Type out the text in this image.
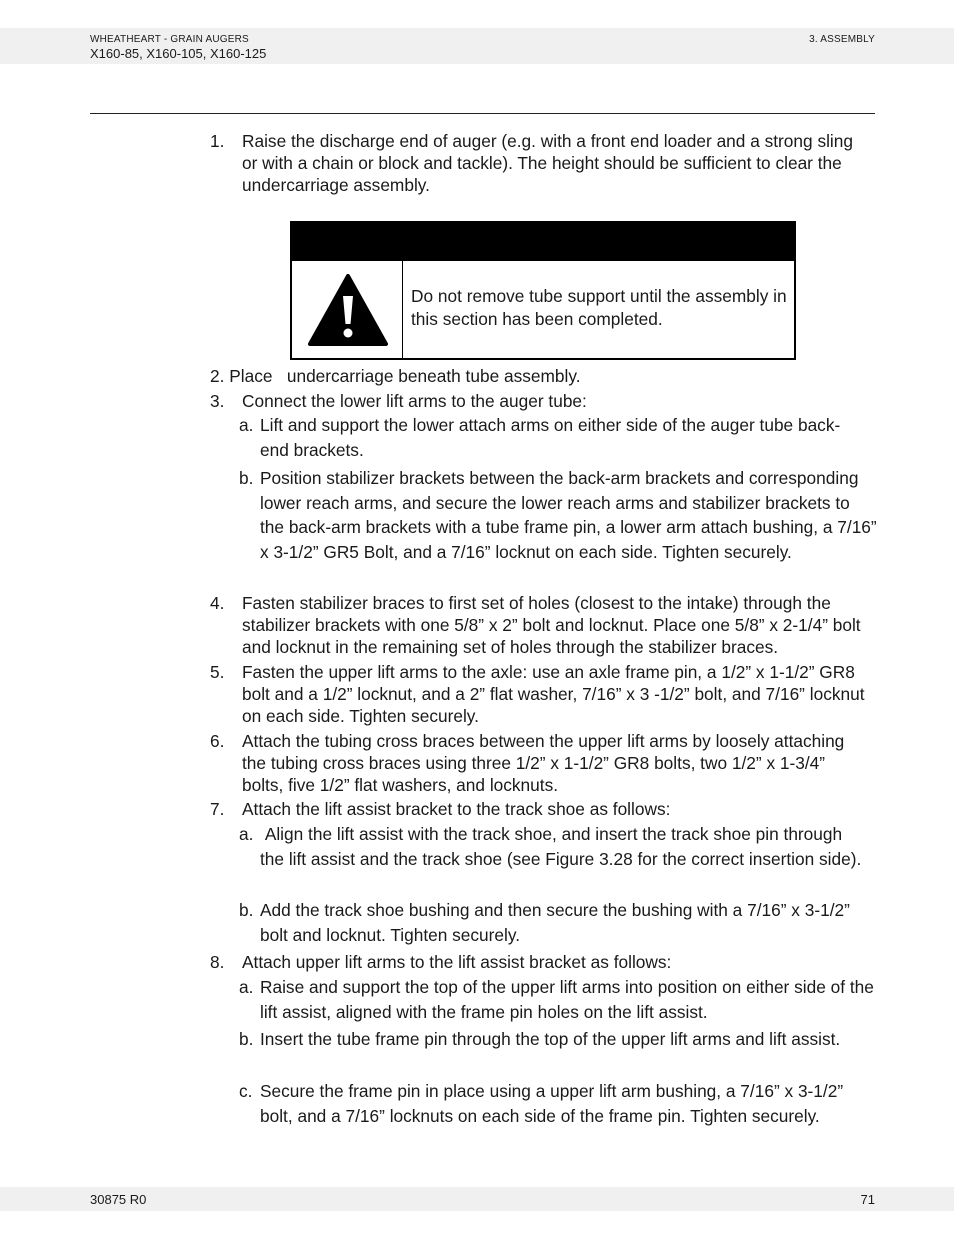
WHEATHEART - GRAIN AUGERS
X160-85, X160-105, X160-125
3. ASSEMBLY
1. Raise the discharge end of auger (e.g. with a front end loader and a strong sling or with a chain or block and tackle). The height should be sufficient to clear the undercarriage assembly.
Do not remove tube support until the assembly in this section has been completed.
2. Place   undercarriage beneath tube assembly.
3. Connect the lower lift arms to the auger tube:
a. Lift and support the lower attach arms on either side of the auger tube back-end brackets.
b. Position stabilizer brackets between the back-arm brackets and corresponding lower reach arms, and secure the lower reach arms and stabilizer brackets to the back-arm brackets with a tube frame pin, a lower arm attach bushing, a 7/16” x 3-1/2” GR5 Bolt, and a 7/16” locknut on each side. Tighten securely.
4. Fasten stabilizer braces to first set of holes (closest to the intake) through the stabilizer brackets with one 5/8” x 2” bolt and locknut. Place one 5/8” x 2-1/4” bolt and locknut in the remaining set of holes through the stabilizer braces.
5. Fasten the upper lift arms to the axle: use an axle frame pin, a 1/2” x 1-1/2” GR8 bolt and a 1/2” locknut, and a 2” flat washer, 7/16” x 3 -1/2” bolt, and 7/16” locknut on each side. Tighten securely.
6. Attach the tubing cross braces between the upper lift arms by loosely attaching the tubing cross braces using three 1/2” x 1-1/2” GR8 bolts, two 1/2” x 1-3/4” bolts, five 1/2” flat washers, and locknuts.
7. Attach the lift assist bracket to the track shoe as follows:
a. Align the lift assist with the track shoe, and insert the track shoe pin through the lift assist and the track shoe (see Figure 3.28 for the correct insertion side).
b. Add the track shoe bushing and then secure the bushing with a 7/16” x 3-1/2” bolt and locknut. Tighten securely.
8. Attach upper lift arms to the lift assist bracket as follows:
a. Raise and support the top of the upper lift arms into position on either side of the lift assist, aligned with the frame pin holes on the lift assist.
b. Insert the tube frame pin through the top of the upper lift arms and lift assist.
c. Secure the frame pin in place using a upper lift arm bushing, a 7/16” x 3-1/2” bolt, and a 7/16” locknuts on each side of the frame pin. Tighten securely.
30875 R0	71
